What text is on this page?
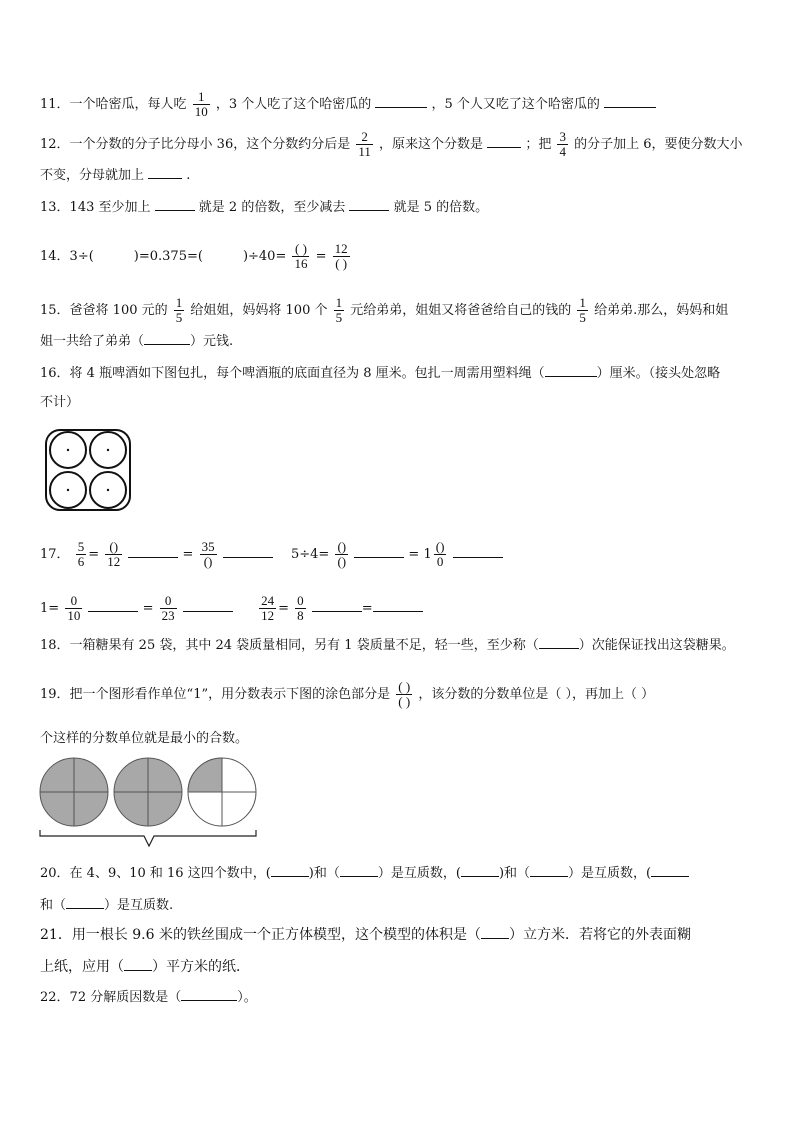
11．一个哈密瓜，每人吃 $\frac{1}{10}$ ，3 个人吃了这个哈密瓜的	，5 个人又吃了这个哈密瓜的
12．一个分数的分子比分母小 36，这个分数约分后是 $\frac{2}{11}$ ，原来这个分数是	；把 $\frac{3}{4}$ 的分子加上 6，要使分数大小
不变，分母就加上	.
13．143 至少加上	就是 2 的倍数，至少减去	就是 5 的倍数。
14．3÷(	)=0.375=(	)$\div 40= \frac{( )}{16} = \frac{12}{( )}$
15．爸爸将 100 元的 $\frac{1}{5}$ 给姐姐，妈妈将 100 个 $\frac{1}{5}$ 元给弟弟，姐姐又将爸爸给自己的钱的 $\frac{1}{5}$ 给弟弟.那么，妈妈和姐
姐一共给了弟弟（	）元钱.
16．将 4 瓶啤酒如下图包扎，每个啤酒瓶的底面直径为 8 厘米。包扎一周需用塑料绳（	）厘米。（接头处忽略
不计）
17． $\frac{5}{6} = \frac{()}{12}$	= $\frac{35}{()}$	$5\div 4= \frac{()}{()}$	= $1 \frac{()}{0}$

$1= \frac{0}{10}$	= $\frac{0}{23}$
	$\frac{24}{12} = \frac{0}{8}$	=
18．一箱糖果有 25 袋，其中 24 袋质量相同，另有 1 袋质量不足，轻一些，至少称（	）次能保证找出这袋糖果。
19．把一个图形看作单位“1”，用分数表示下图的涂色部分是 $\frac{( )}{( )}$ ，该分数的分数单位是（ ），再加上（ ）
个这样的分数单位就是最小的合数。
20．在 4、9、10 和 16 这四个数中，(	)和（	）是互质数，(	)和（	）是互质数，(
和（	）是互质数.
21．用一根长 9.6 米的铁丝围成一个正方体模型，这个模型的体积是（ ）立方米．若将它的外表面糊
上纸，应用（ ）平方米的纸．
22．72 分解质因数是（	）。
